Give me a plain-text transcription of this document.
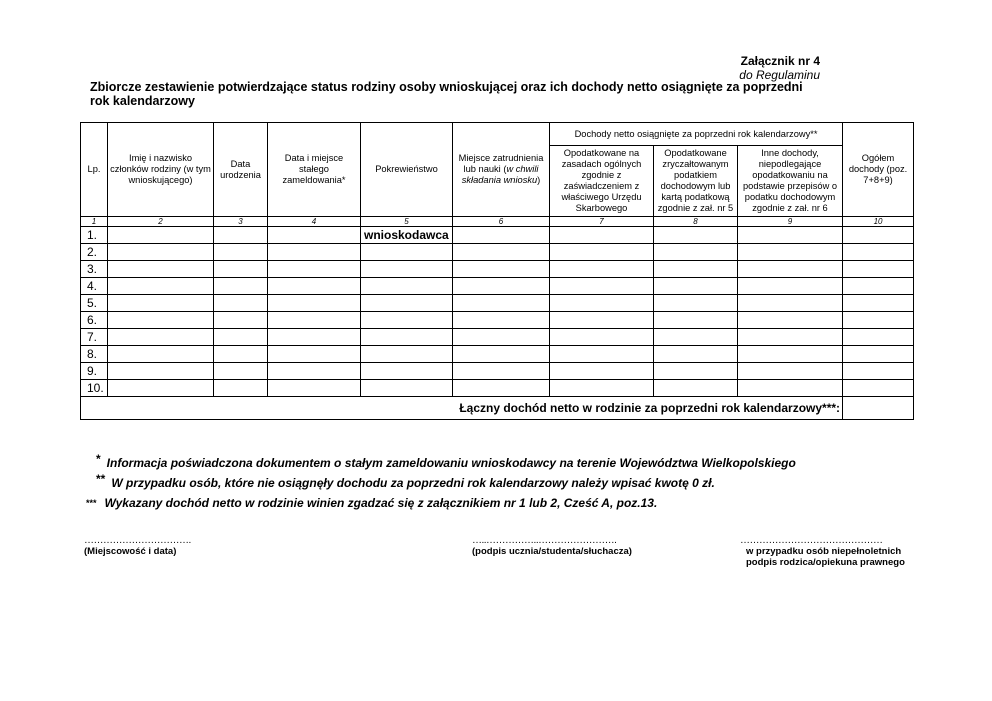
Załącznik nr 4
do Regulaminu
Zbiorcze zestawienie potwierdzające status rodziny osoby wnioskującej oraz ich dochody netto osiągnięte za poprzedni rok kalendarzowy
Lp.	Imię i nazwisko członków rodziny (w tym wnioskującego)	Data urodzenia	Data i miejsce stałego zameldowania*	Pokrewieństwo	Miejsce zatrudnienia lub nauki (w chwili składania wniosku)	Dochody netto osiągnięte za poprzedni rok kalendarzowy**			Ogółem dochody (poz. 7+8+9)
						Opodatkowane na zasadach ogólnych zgodnie z zaświadczeniem z właściwego Urzędu Skarbowego	Opodatkowane zryczałtowanym podatkiem dochodowym lub kartą podatkową zgodnie z zał. nr 5	Inne dochody, niepodlegające opodatkowaniu na podstawie przepisów o podatku dochodowym zgodnie z zał. nr 6	
1	2	3	4	5	6	7	8	9	10
1.				wnioskodawca					
2.									
3.									
4.									
5.									
6.									
7.									
8.									
9.									
10.									
Łączny dochód netto w rodzinie za poprzedni rok kalendarzowy***:									
* Informacja poświadczona dokumentem o stałym zameldowaniu wnioskodawcy na terenie Województwa Wielkopolskiego
** W przypadku osób, które nie osiągnęły dochodu za poprzedni rok kalendarzowy należy wpisać kwotę 0 zł.
*** Wykazany dochód netto w rodzinie winien zgadzać się z załącznikiem nr 1 lub 2, Cześć A, poz.13.
…………………………….
(Miejscowość i data)
…..……………..…………………….
(podpis ucznia/studenta/słuchacza)
………………………………………
w przypadku osób niepełnoletnich
podpis rodzica/opiekuna prawnego
